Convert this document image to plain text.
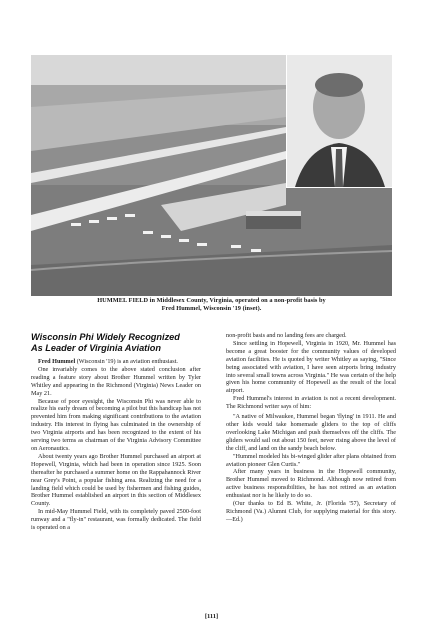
HUMMEL FIELD in Middlesex County, Virginia, operated on a non-profit basis by
Fred Hummel, Wisconsin '19 (inset).
Wisconsin Phi Widely Recognized
As Leader of Virginia Aviation

Fred Hummel (Wisconsin '19) is an aviation enthusiast.

One invariably comes to the above stated conclusion after reading a feature story about Brother Hummel written by Tyler Whitley and appearing in the Richmond (Virginia) News Leader on May 21.

Because of poor eyesight, the Wisconsin Phi was never able to realize his early dream of becoming a pilot but this handicap has not prevented him from making significant contributions to the aviation industry. His interest in flying has culminated in the ownership of two Virginia airports and has been recognized to the extent of his serving two terms as chairman of the Virginia Advisory Committee on Aeronautics.

About twenty years ago Brother Hummel purchased an airport at Hopewell, Virginia, which had been in operation since 1925. Soon thereafter he purchased a summer home on the Rappahannock River near Grey's Point, a popular fishing area. Realizing the need for a landing field which could be used by fishermen and fishing guides, Brother Hummel established an airport in this section of Middlesex County.

In mid-May Hummel Field, with its completely paved 2500-foot runway and a "fly-in" restaurant, was formally dedicated. The field is operated on a

non-profit basis and no landing fees are charged.

Since settling in Hopewell, Virginia in 1920, Mr. Hummel has become a great booster for the community values of developed aviation facilities. He is quoted by writer Whitley as saying, "Since being associated with aviation, I have seen airports bring industry into several small towns across Virginia." He was certain of the help given his home community of Hopewell as the result of the local airport.

Fred Hummel's interest in aviation is not a recent development. The Richmond writer says of him:

"A native of Milwaukee, Hummel began 'flying' in 1911. He and other kids would take homemade gliders to the top of cliffs overlooking Lake Michigan and push themselves off the cliffs. The gliders would sail out about 150 feet, never rising above the level of the cliff, and land on the sandy beach below.

"Hummel modeled his bi-winged glider after plans obtained from aviation pioneer Glen Curtis."

After many years in business in the Hopewell community, Brother Hummel moved to Richmond. Although now retired from active business responsibilities, he has not retired as an aviation enthusiast nor is he likely to do so.

(Our thanks to Ed B. White, Jr. (Florida '57), Secretary of Richmond (Va.) Alumni Club, for supplying material for this story.—Ed.)

[111]
